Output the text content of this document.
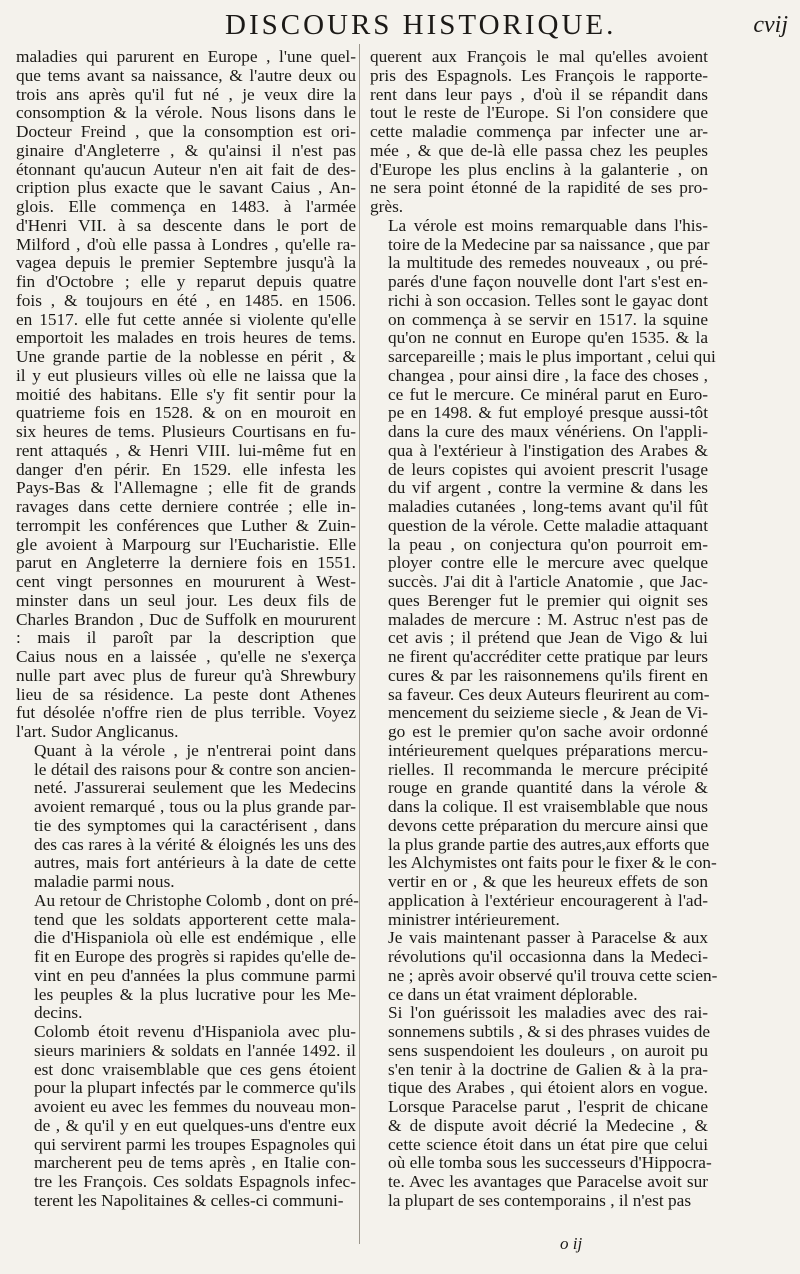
DISCOURS HISTORIQUE.	cvij

maladies qui parurent en Europe , l'une quel-
que tems avant sa naissance, & l'autre deux ou
trois ans après qu'il fut né , je veux dire la
consomption & la vérole. Nous lisons dans le
Docteur Freind , que la consomption est ori-
ginaire d'Angleterre , & qu'ainsi il n'est pas
étonnant qu'aucun Auteur n'en ait fait de des-
cription plus exacte que le savant Caius , An-
glois. Elle commença en 1483. à l'armée
d'Henri VII. à sa descente dans le port de
Milford , d'où elle passa à Londres , qu'elle ra-
vagea depuis le premier Septembre jusqu'à la
fin d'Octobre ; elle y reparut depuis quatre
fois , & toujours en été , en 1485. en 1506.
en 1517. elle fut cette année si violente qu'elle
emportoit les malades en trois heures de tems.
Une grande partie de la noblesse en périt , &
il y eut plusieurs villes où elle ne laissa que la
moitié des habitans. Elle s'y fit sentir pour la
quatrieme fois en 1528. & on en mouroit en
six heures de tems. Plusieurs Courtisans en fu-
rent attaqués , & Henri VIII. lui-même fut en
danger d'en périr. En 1529. elle infesta les
Pays-Bas & l'Allemagne ; elle fit de grands
ravages dans cette derniere contrée ; elle in-
terrompit les conférences que Luther & Zuin-
gle avoient à Marpourg sur l'Eucharistie. Elle
parut en Angleterre la derniere fois en 1551.
cent vingt personnes en moururent à West-
minster dans un seul jour. Les deux fils de
Charles Brandon , Duc de Suffolk en moururent
: mais il paroît par la description que
Caius nous en a laissée , qu'elle ne s'exerça
nulle part avec plus de fureur qu'à Shrewbury
lieu de sa résidence. La peste dont Athenes
fut désolée n'offre rien de plus terrible. Voyez
l'art. Sudor Anglicanus.

Quant à la vérole , je n'entrerai point dans
le détail des raisons pour & contre son ancien-
neté. J'assurerai seulement que les Medecins
avoient remarqué , tous ou la plus grande par-
tie des symptomes qui la caractérisent , dans
des cas rares à la vérité & éloignés les uns des
autres, mais fort antérieurs à la date de cette
maladie parmi nous.

Au retour de Christophe Colomb , dont on pré-
tend que les soldats apporterent cette mala-
die d'Hispaniola où elle est endémique , elle
fit en Europe des progrès si rapides qu'elle de-
vint en peu d'années la plus commune parmi
les peuples & la plus lucrative pour les Me-
decins.

Colomb étoit revenu d'Hispaniola avec plu-
sieurs mariniers & soldats en l'année 1492. il
est donc vraisemblable que ces gens étoient
pour la plupart infectés par le commerce qu'ils
avoient eu avec les femmes du nouveau mon-
de , & qu'il y en eut quelques-uns d'entre eux
qui servirent parmi les troupes Espagnoles qui
marcherent peu de tems après , en Italie con-
tre les François. Ces soldats Espagnols infec-
terent les Napolitaines & celles-ci communi-

querent aux François le mal qu'elles avoient
pris des Espagnols. Les François le rapporte-
rent dans leur pays , d'où il se répandit dans
tout le reste de l'Europe. Si l'on considere que
cette maladie commença par infecter une ar-
mée , & que de-là elle passa chez les peuples
d'Europe les plus enclins à la galanterie , on
ne sera point étonné de la rapidité de ses pro-
grès.

La vérole est moins remarquable dans l'his-
toire de la Medecine par sa naissance , que par
la multitude des remedes nouveaux , ou pré-
parés d'une façon nouvelle dont l'art s'est en-
richi à son occasion. Telles sont le gayac dont
on commença à se servir en 1517. la squine
qu'on ne connut en Europe qu'en 1535. & la
sarcepareille ; mais le plus important , celui qui
changea , pour ainsi dire , la face des choses ,
ce fut le mercure. Ce minéral parut en Euro-
pe en 1498. & fut employé presque aussi-tôt
dans la cure des maux vénériens. On l'appli-
qua à l'extérieur à l'instigation des Arabes &
de leurs copistes qui avoient prescrit l'usage
du vif argent , contre la vermine & dans les
maladies cutanées , long-tems avant qu'il fût
question de la vérole. Cette maladie attaquant
la peau , on conjectura qu'on pourroit em-
ployer contre elle le mercure avec quelque
succès. J'ai dit à l'article Anatomie , que Jac-
ques Berenger fut le premier qui oignit ses
malades de mercure : M. Astruc n'est pas de
cet avis ; il prétend que Jean de Vigo & lui
ne firent qu'accréditer cette pratique par leurs
cures & par les raisonnemens qu'ils firent en
sa faveur. Ces deux Auteurs fleurirent au com-
mencement du seizieme siecle , & Jean de Vi-
go est le premier qu'on sache avoir ordonné
intérieurement quelques préparations mercu-
rielles. Il recommanda le mercure précipité
rouge en grande quantité dans la vérole &
dans la colique. Il est vraisemblable que nous
devons cette préparation du mercure ainsi que
la plus grande partie des autres,aux efforts que
les Alchymistes ont faits pour le fixer & le con-
vertir en or , & que les heureux effets de son
application à l'extérieur encouragerent à l'ad-
ministrer intérieurement.

Je vais maintenant passer à Paracelse & aux
révolutions qu'il occasionna dans la Medeci-
ne ; après avoir observé qu'il trouva cette scien-
ce dans un état vraiment déplorable.

Si l'on guérissoit les maladies avec des rai-
sonnemens subtils , & si des phrases vuides de
sens suspendoient les douleurs , on auroit pu
s'en tenir à la doctrine de Galien & à la pra-
tique des Arabes , qui étoient alors en vogue.
Lorsque Paracelse parut , l'esprit de chicane
& de dispute avoit décrié la Medecine , &
cette science étoit dans un état pire que celui
où elle tomba sous les successeurs d'Hippocra-
te. Avec les avantages que Paracelse avoit sur
la plupart de ses contemporains , il n'est pas

o ij
